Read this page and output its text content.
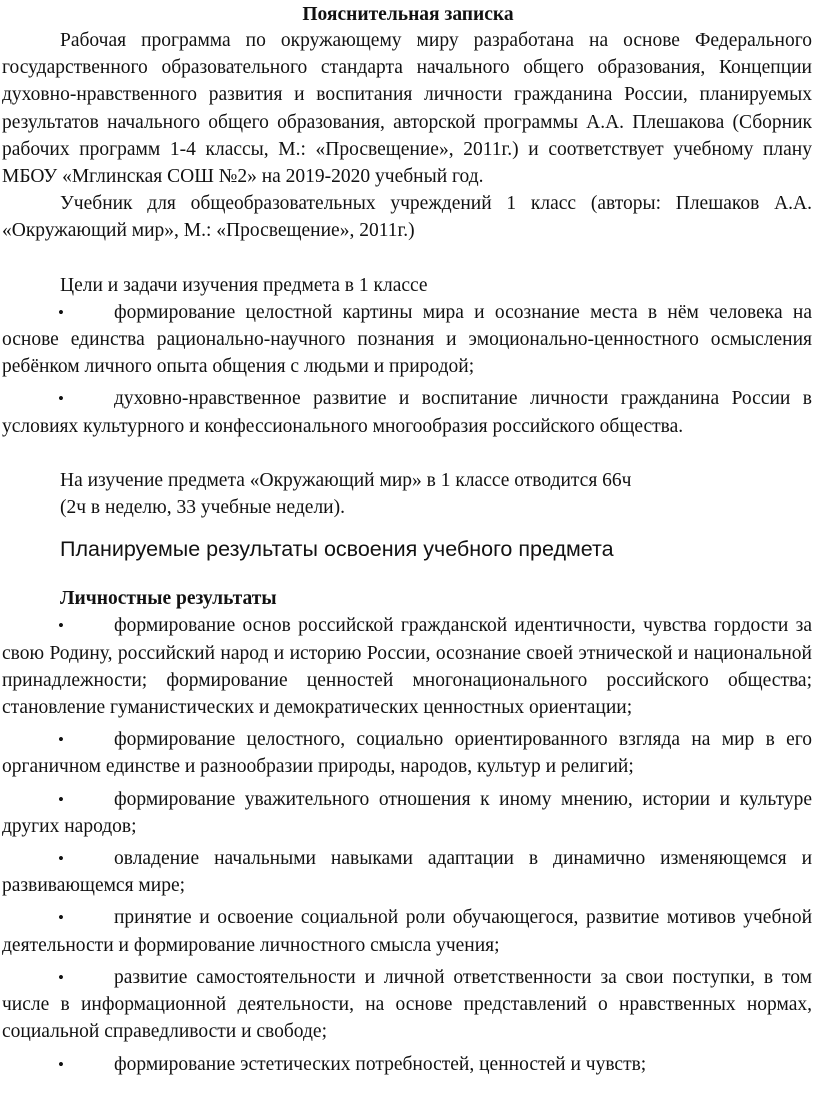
Пояснительная записка

Рабочая программа по окружающему миру разработана на основе Федерального государственного образовательного стандарта начального общего образования, Концепции духовно-нравственного развития и воспитания личности гражданина России, планируемых результатов начального общего образования, авторской программы А.А. Плешакова (Сборник рабочих программ 1-4 классы, М.: «Просвещение», 2011г.) и соответствует учебному плану МБОУ «Мглинская СОШ №2» на 2019-2020 учебный год.

Учебник для общеобразовательных учреждений 1 класс (авторы: Плешаков А.А. «Окружающий мир», М.: «Просвещение», 2011г.)

Цели и задачи изучения предмета в 1 классе

•	формирование целостной картины мира и осознание места в нём человека на основе единства рационально-научного познания и эмоционально-ценностного осмысления ребёнком личного опыта общения с людьми и природой;

•	духовно-нравственное развитие и воспитание личности гражданина России в условиях культурного и конфессионального многообразия российского общества.

На изучение предмета «Окружающий мир» в 1 классе отводится 66ч

(2ч в неделю, 33 учебные недели).

Планируемые результаты освоения учебного предмета

Личностные результаты

•	формирование основ российской гражданской идентичности, чувства гордости за свою Родину, российский народ и историю России, осознание своей этнической и национальной принадлежности; формирование ценностей многонационального российского общества; становление гуманистических и демократических ценностных ориентации;

•	формирование целостного, социально ориентированного взгляда на мир в его органичном единстве и разнообразии природы, народов, культур и религий;

•	формирование уважительного отношения к иному мнению, истории и культуре других народов;

•	овладение начальными навыками адаптации в динамично изменяющемся и развивающемся мире;

•	принятие и освоение социальной роли обучающегося, развитие мотивов учебной деятельности и формирование личностного смысла учения;

•	развитие самостоятельности и личной ответственности за свои поступки, в том числе в информационной деятельности, на основе представлений о нравственных нормах, социальной справедливости и свободе;

•	формирование эстетических потребностей, ценностей и чувств;
